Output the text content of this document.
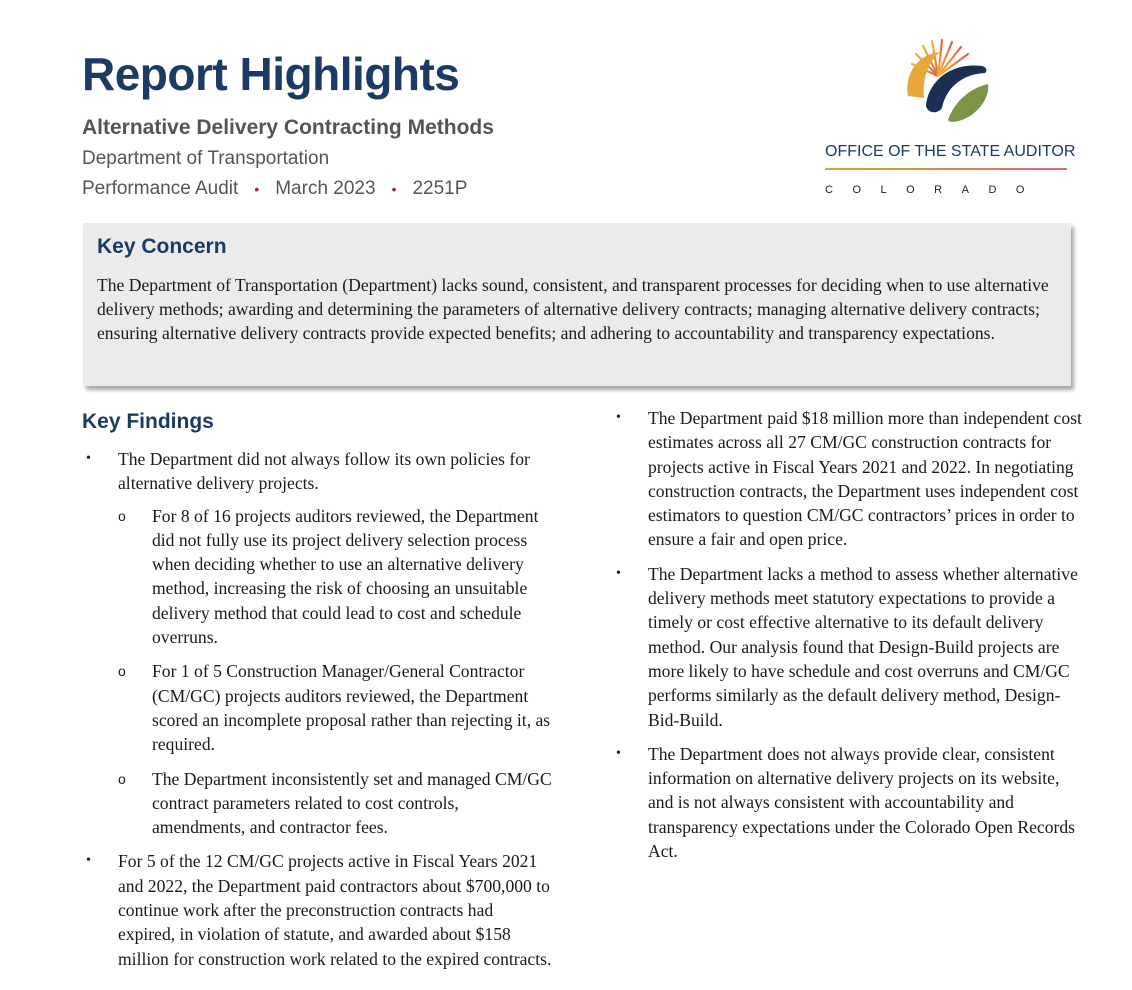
Report Highlights
Alternative Delivery Contracting Methods
Department of Transportation
Performance Audit • March 2023 • 2251P
OFFICE OF THE STATE AUDITOR
COLORADO
Key Concern

The Department of Transportation (Department) lacks sound, consistent, and transparent processes for deciding when to use alternative delivery methods; awarding and determining the parameters of alternative delivery contracts; managing alternative delivery contracts; ensuring alternative delivery contracts provide expected benefits; and adhering to accountability and transparency expectations.

Key Findings
• The Department did not always follow its own policies for alternative delivery projects.
o For 8 of 16 projects auditors reviewed, the Department did not fully use its project delivery selection process when deciding whether to use an alternative delivery method, increasing the risk of choosing an unsuitable delivery method that could lead to cost and schedule overruns.
o For 1 of 5 Construction Manager/General Contractor (CM/GC) projects auditors reviewed, the Department scored an incomplete proposal rather than rejecting it, as required.
o The Department inconsistently set and managed CM/GC contract parameters related to cost controls, amendments, and contractor fees.
• For 5 of the 12 CM/GC projects active in Fiscal Years 2021 and 2022, the Department paid contractors about $700,000 to continue work after the preconstruction contracts had expired, in violation of statute, and awarded about $158 million for construction work related to the expired contracts.
• The Department paid $18 million more than independent cost estimates across all 27 CM/GC construction contracts for projects active in Fiscal Years 2021 and 2022. In negotiating construction contracts, the Department uses independent cost estimators to question CM/GC contractors’ prices in order to ensure a fair and open price.
• The Department lacks a method to assess whether alternative delivery methods meet statutory expectations to provide a timely or cost effective alternative to its default delivery method. Our analysis found that Design-Build projects are more likely to have schedule and cost overruns and CM/GC performs similarly as the default delivery method, Design-Bid-Build.
• The Department does not always provide clear, consistent information on alternative delivery projects on its website, and is not always consistent with accountability and transparency expectations under the Colorado Open Records Act.
